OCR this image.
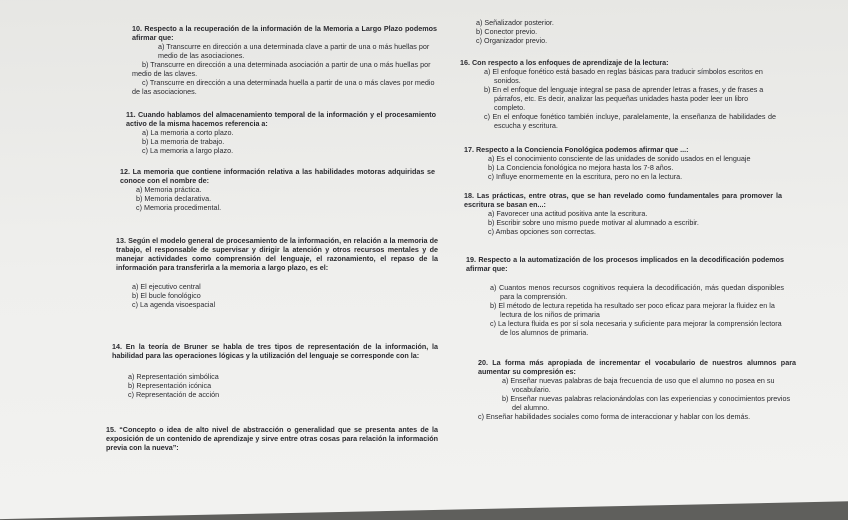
10. Respecto a la recuperación de la información de la Memoria a Largo Plazo podemos afirmar que:

a) Transcurre en dirección a una determinada clave a partir de una o más huellas por medio de las asociaciones.

b) Transcurre en dirección a una determinada asociación a partir de una o más huellas por medio de las claves.

c) Transcurre en dirección a una determinada huella a partir de una o más claves por medio de las asociaciones.

11. Cuando hablamos del almacenamiento temporal de la información y el procesamiento activo de la misma hacemos referencia a:

a) La memoria a corto plazo.

b) La memoria de trabajo.

c) La memoria a largo plazo.

12. La memoria que contiene información relativa a las habilidades motoras adquiridas se conoce con el nombre de:

a) Memoria práctica.

b) Memoria declarativa.

c) Memoria procedimental.

13. Según el modelo general de procesamiento de la información, en relación a la memoria de trabajo, el responsable de supervisar y dirigir la atención y otros recursos mentales y de manejar actividades como comprensión del lenguaje, el razonamiento, el repaso de la información para transferirla a la memoria a largo plazo, es el:

a) El ejecutivo central

b) El bucle fonológico

c) La agenda visoespacial

14. En la teoría de Bruner se habla de tres tipos de representación de la información, la habilidad para las operaciones lógicas y la utilización del lenguaje se corresponde con la:

a) Representación simbólica

b) Representación icónica

c) Representación de acción

15. “Concepto o idea de alto nivel de abstracción o generalidad que se presenta antes de la exposición de un contenido de aprendizaje y sirve entre otras cosas para relación la información previa con la nueva”:

a) Señalizador posterior.

b) Conector previo.

c) Organizador previo.

16. Con respecto a los enfoques de aprendizaje de la lectura:

a) El enfoque fonético está basado en reglas básicas para traducir símbolos escritos en sonidos.

b) En el enfoque del lenguaje integral se pasa de aprender letras a frases, y de frases a párrafos, etc. Es decir, analizar las pequeñas unidades hasta poder leer un libro completo.

c) En el enfoque fonético también incluye, paralelamente, la enseñanza de habilidades de escucha y escritura.

17. Respecto a la Conciencia Fonológica podemos afirmar que ...:

a) Es el conocimiento consciente de las unidades de sonido usados en el lenguaje

b) La Conciencia fonológica no mejora hasta los 7-8 años.

c) Influye enormemente en la escritura, pero no en la lectura.

18. Las prácticas, entre otras, que se han revelado como fundamentales para promover la escritura se basan en...:

a) Favorecer una actitud positiva ante la escritura.

b) Escribir sobre uno mismo puede motivar al alumnado a escribir.

c) Ambas opciones son correctas.

19. Respecto a la automatización de los procesos implicados en la decodificación podemos afirmar que:

a) Cuantos menos recursos cognitivos requiera la decodificación, más quedan disponibles para la comprensión.

b) El método de lectura repetida ha resultado ser poco eficaz para mejorar la fluidez en la lectura de los niños de primaria

c) La lectura fluida es por sí sola necesaria y suficiente para mejorar la comprensión lectora de los alumnos de primaria.

20. La forma más apropiada de incrementar el vocabulario de nuestros alumnos para aumentar su compresión es:

a) Enseñar nuevas palabras de baja frecuencia de uso que el alumno no posea en su vocabulario.

b) Enseñar nuevas palabras relacionándolas con las experiencias y conocimientos previos del alumno.

c) Enseñar habilidades sociales como forma de interaccionar y hablar con los demás.
